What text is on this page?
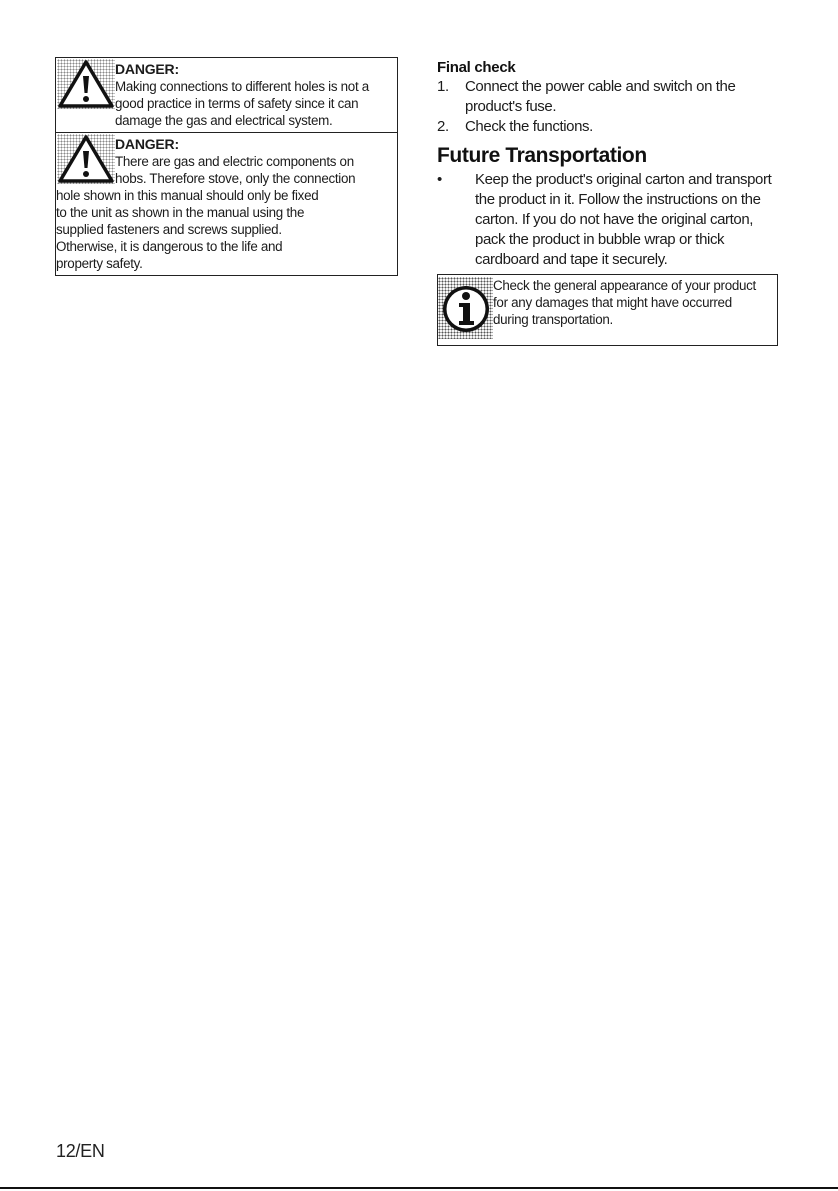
DANGER:
Making connections to different holes is not a
good practice in terms of safety since it can
damage the gas and electrical system.
DANGER:
There are gas and electric components on
hobs. Therefore stove, only the connection
hole shown in this manual should only be fixed
to the unit as shown in the manual using the
supplied fasteners and screws supplied.
Otherwise, it is dangerous to the life and
property safety.
Final check
1. Connect the power cable and switch on the
product's fuse.
2. Check the functions.
Future Transportation
• Keep the product's original carton and transport
the product in it. Follow the instructions on the
carton. If you do not have the original carton,
pack the product in bubble wrap or thick
cardboard and tape it securely.
Check the general appearance of your product
for any damages that might have occurred
during transportation.
12/EN
